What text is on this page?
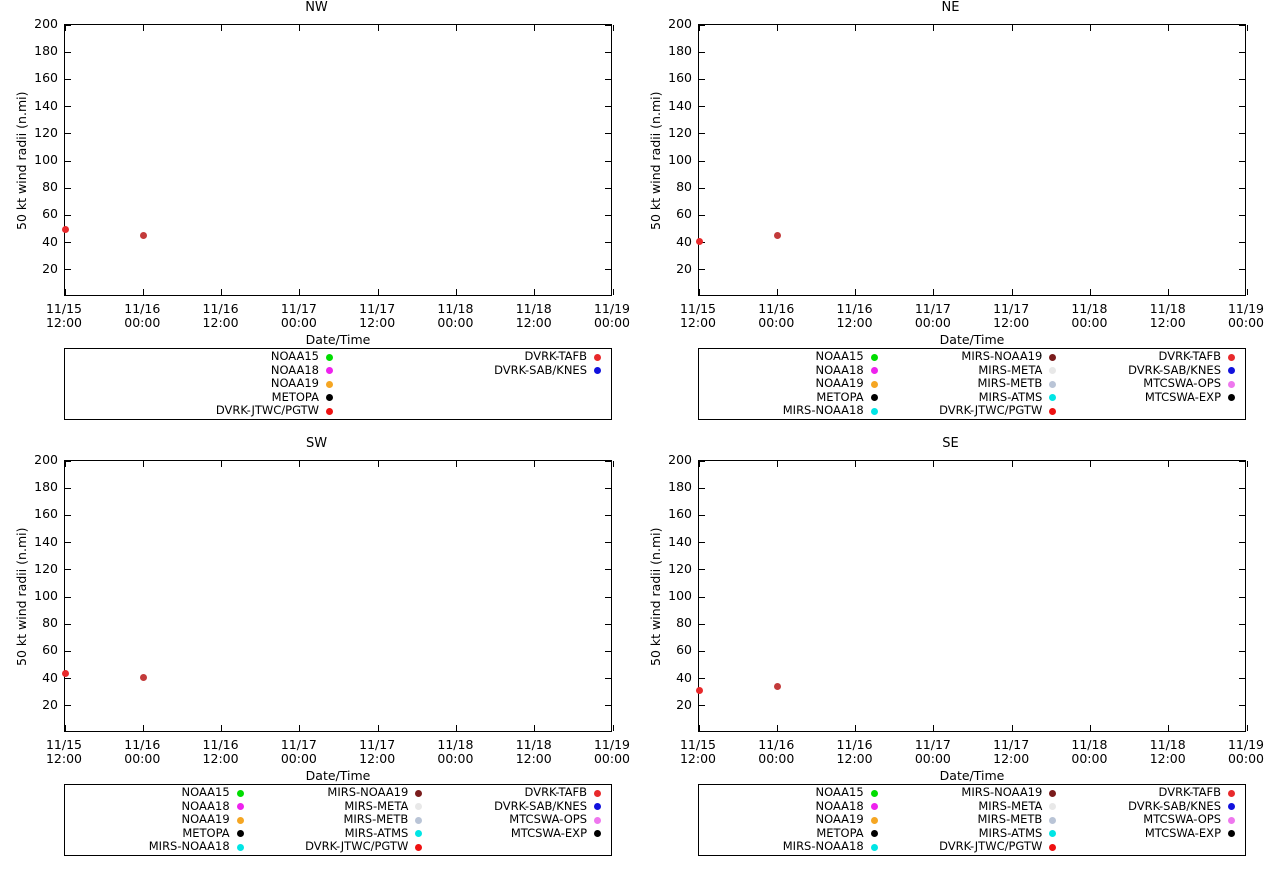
NW
20
40
60
80
100
120
140
160
180
200
11/15
12:00
11/16
00:00
11/16
12:00
11/17
00:00
11/17
12:00
11/18
00:00
11/18
12:00
11/19
00:00
50 kt wind radii (n.mi)
Date/Time
NOAA15	DVRK-TAFB
NOAA18	DVRK-SAB/KNES
NOAA19
METOPA
DVRK-JTWC/PGTW
NE
20
40
60
80
100
120
140
160
180
200
11/15
12:00
11/16
00:00
11/16
12:00
11/17
00:00
11/17
12:00
11/18
00:00
11/18
12:00
11/19
00:00
50 kt wind radii (n.mi)
Date/Time
NOAA15	MIRS-NOAA19	DVRK-TAFB
NOAA18	MIRS-META	DVRK-SAB/KNES
NOAA19	MIRS-METB	MTCSWA-OPS
METOPA	MIRS-ATMS	MTCSWA-EXP
MIRS-NOAA18	DVRK-JTWC/PGTW
SW
20
40
60
80
100
120
140
160
180
200
11/15
12:00
11/16
00:00
11/16
12:00
11/17
00:00
11/17
12:00
11/18
00:00
11/18
12:00
11/19
00:00
50 kt wind radii (n.mi)
Date/Time
NOAA15	MIRS-NOAA19	DVRK-TAFB
NOAA18	MIRS-META	DVRK-SAB/KNES
NOAA19	MIRS-METB	MTCSWA-OPS
METOPA	MIRS-ATMS	MTCSWA-EXP
MIRS-NOAA18	DVRK-JTWC/PGTW
SE
20
40
60
80
100
120
140
160
180
200
11/15
12:00
11/16
00:00
11/16
12:00
11/17
00:00
11/17
12:00
11/18
00:00
11/18
12:00
11/19
00:00
50 kt wind radii (n.mi)
Date/Time
NOAA15	MIRS-NOAA19	DVRK-TAFB
NOAA18	MIRS-META	DVRK-SAB/KNES
NOAA19	MIRS-METB	MTCSWA-OPS
METOPA	MIRS-ATMS	MTCSWA-EXP
MIRS-NOAA18	DVRK-JTWC/PGTW
